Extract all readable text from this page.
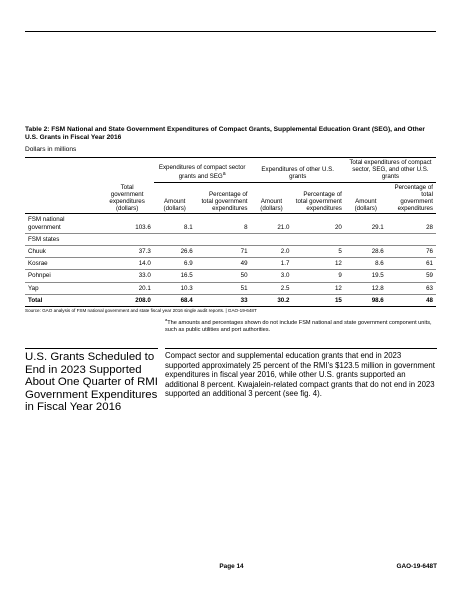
Table 2: FSM National and State Government Expenditures of Compact Grants, Supplemental Education Grant (SEG), and Other U.S. Grants in Fiscal Year 2016
Dollars in millions
		Expenditures of compact sector grants and SEG$^a$		Expenditures of other U.S. grants		Total expenditures of compact sector, SEG, and other U.S. grants	
	Total government expenditures (dollars)	Amount (dollars)	Percentage of total government expenditures	Amount (dollars)	Percentage of total government expenditures	Amount (dollars)	Percentage of total government expenditures
FSM national government	103.6	8.1	8	21.0	20	29.1	28
FSM states							
Chuuk	37.3	26.6	71	2.0	5	28.6	76
Kosrae	14.0	6.9	49	1.7	12	8.6	61
Pohnpei	33.0	16.5	50	3.0	9	19.5	59
Yap	20.1	10.3	51	2.5	12	12.8	63
Total	208.0	68.4	33	30.2	15	98.6	48
Source: GAO analysis of FSM national government and state fiscal year 2016 single audit reports. | GAO-19-648T
$^a$The amounts and percentages shown do not include FSM national and state government component units, such as public utilities and port authorities.
U.S. Grants Scheduled to End in 2023 Supported About One Quarter of RMI Government Expenditures in Fiscal Year 2016
Compact sector and supplemental education grants that end in 2023 supported approximately 25 percent of the RMI’s $123.5 million in government expenditures in fiscal year 2016, while other U.S. grants supported an additional 8 percent. Kwajalein-related compact grants that do not end in 2023 supported an additional 3 percent (see fig. 4).
Page 14	GAO-19-648T
